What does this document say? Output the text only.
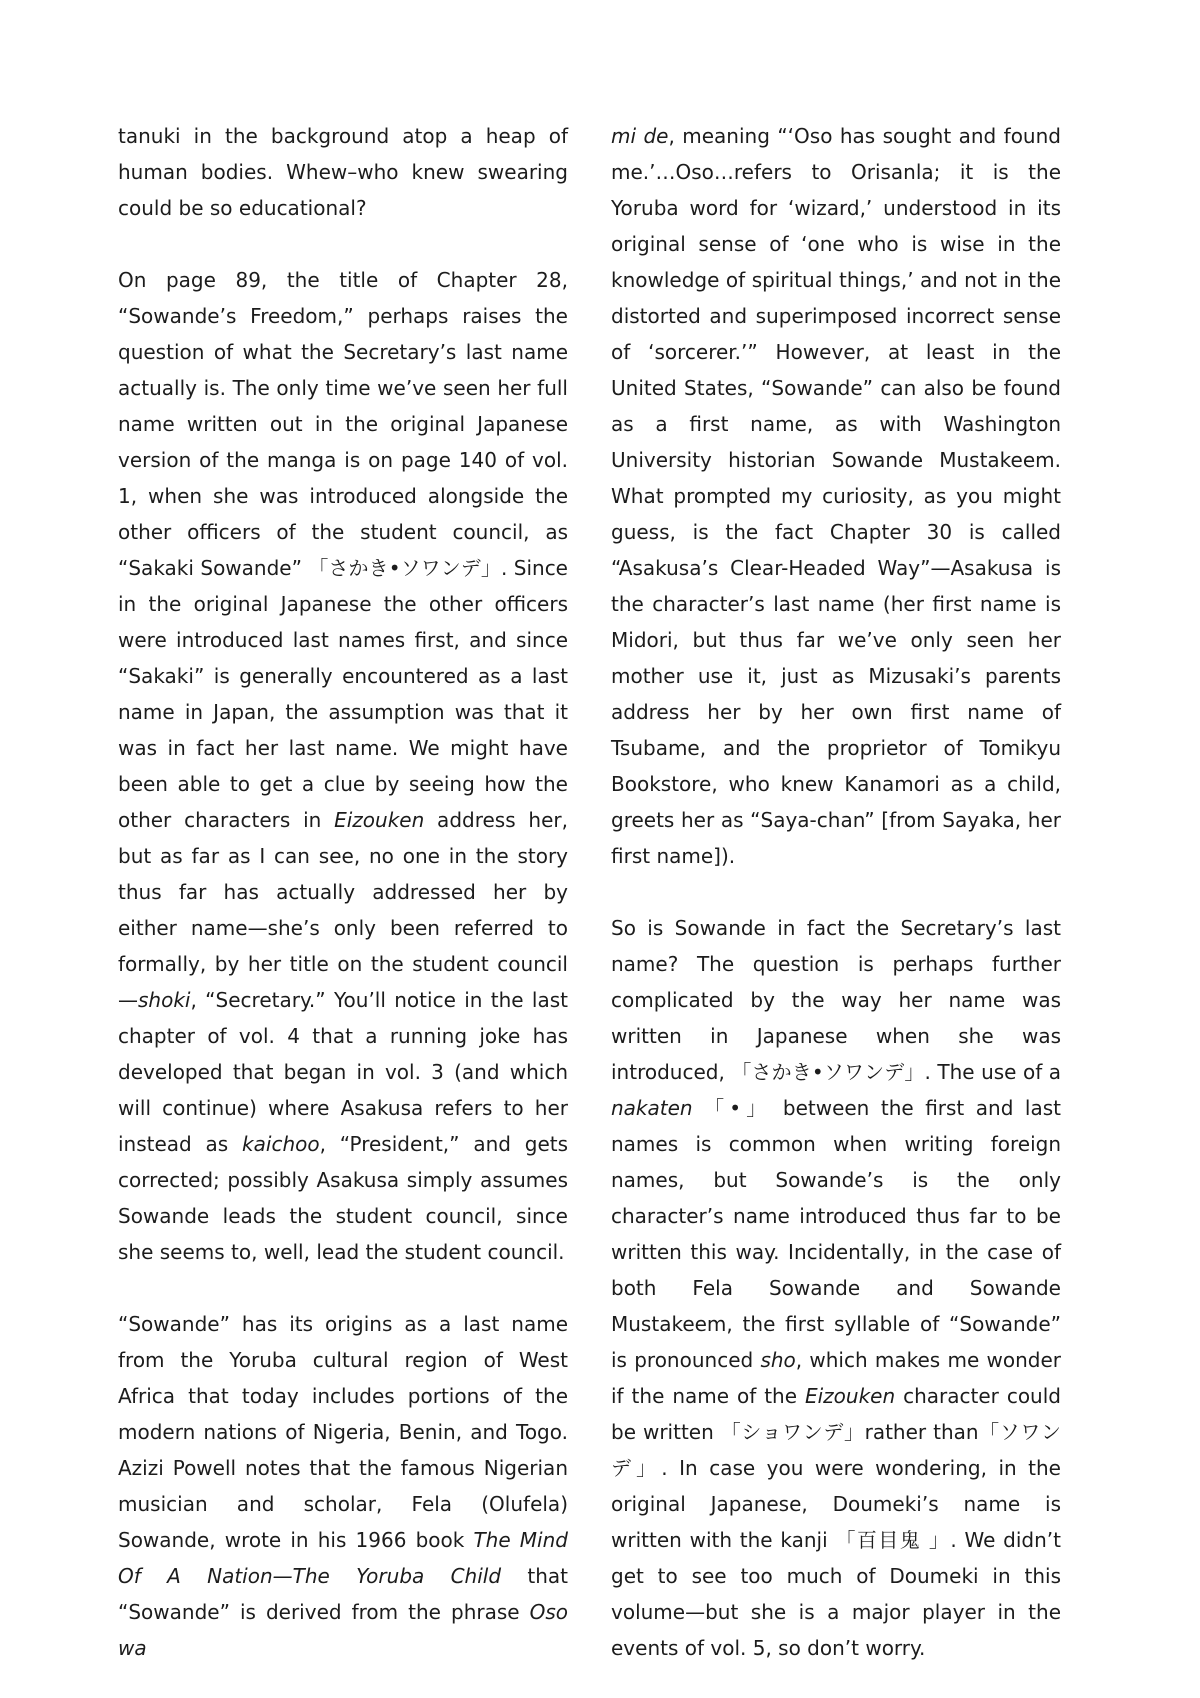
tanuki in the background atop a heap of human bodies. Whew–who knew swearing could be so educational?

On page 89, the title of Chapter 28, “Sowande’s Freedom,” perhaps raises the question of what the Secretary’s last name actually is. The only time we’ve seen her full name written out in the original Japanese version of the manga is on page 140 of vol. 1, when she was introduced alongside the other officers of the student council, as “Sakaki Sowande” 「さかき•ソワンデ」. Since in the original Japanese the other officers were introduced last names first, and since “Sakaki” is generally encountered as a last name in Japan, the assumption was that it was in fact her last name. We might have been able to get a clue by seeing how the other characters in Eizouken address her, but as far as I can see, no one in the story thus far has actually addressed her by either name—she’s only been referred to formally, by her title on the student council—shoki, “Secretary.” You’ll notice in the last chapter of vol. 4 that a running joke has developed that began in vol. 3 (and which will continue) where Asakusa refers to her instead as kaichoo, “President,” and gets corrected; possibly Asakusa simply assumes Sowande leads the student council, since she seems to, well, lead the student council.

“Sowande” has its origins as a last name from the Yoruba cultural region of West Africa that today includes portions of the modern nations of Nigeria, Benin, and Togo. Azizi Powell notes that the famous Nigerian musician and scholar, Fela (Olufela) Sowande, wrote in his 1966 book The Mind Of A Nation—The Yoruba Child that “Sowande” is derived from the phrase Oso wa

mi de, meaning “‘Oso has sought and found me.’…Oso…refers to Orisanla; it is the Yoruba word for ‘wizard,’ understood in its original sense of ‘one who is wise in the knowledge of spiritual things,’ and not in the distorted and superimposed incorrect sense of ‘sorcerer.’” However, at least in the United States, “Sowande” can also be found as a first name, as with Washington University historian Sowande Mustakeem. What prompted my curiosity, as you might guess, is the fact Chapter 30 is called “Asakusa’s Clear-Headed Way”—Asakusa is the character’s last name (her first name is Midori, but thus far we’ve only seen her mother use it, just as Mizusaki’s parents address her by her own first name of Tsubame, and the proprietor of Tomikyu Bookstore, who knew Kanamori as a child, greets her as “Saya-chan” [from Sayaka, her first name]).

So is Sowande in fact the Secretary’s last name? The question is perhaps further complicated by the way her name was written in Japanese when she was introduced, 「さかき•ソワンデ」. The use of a nakaten 「•」 between the first and last names is common when writing foreign names, but Sowande’s is the only character’s name introduced thus far to be written this way. Incidentally, in the case of both Fela Sowande and Sowande Mustakeem, the first syllable of “Sowande” is pronounced sho, which makes me wonder if the name of the Eizouken character could be written 「ショワンデ」rather than「ソワンデ」. In case you were wondering, in the original Japanese, Doumeki’s name is written with the kanji 「百目鬼 」. We didn’t get to see too much of Doumeki in this volume—but she is a major player in the events of vol. 5, so don’t worry.
